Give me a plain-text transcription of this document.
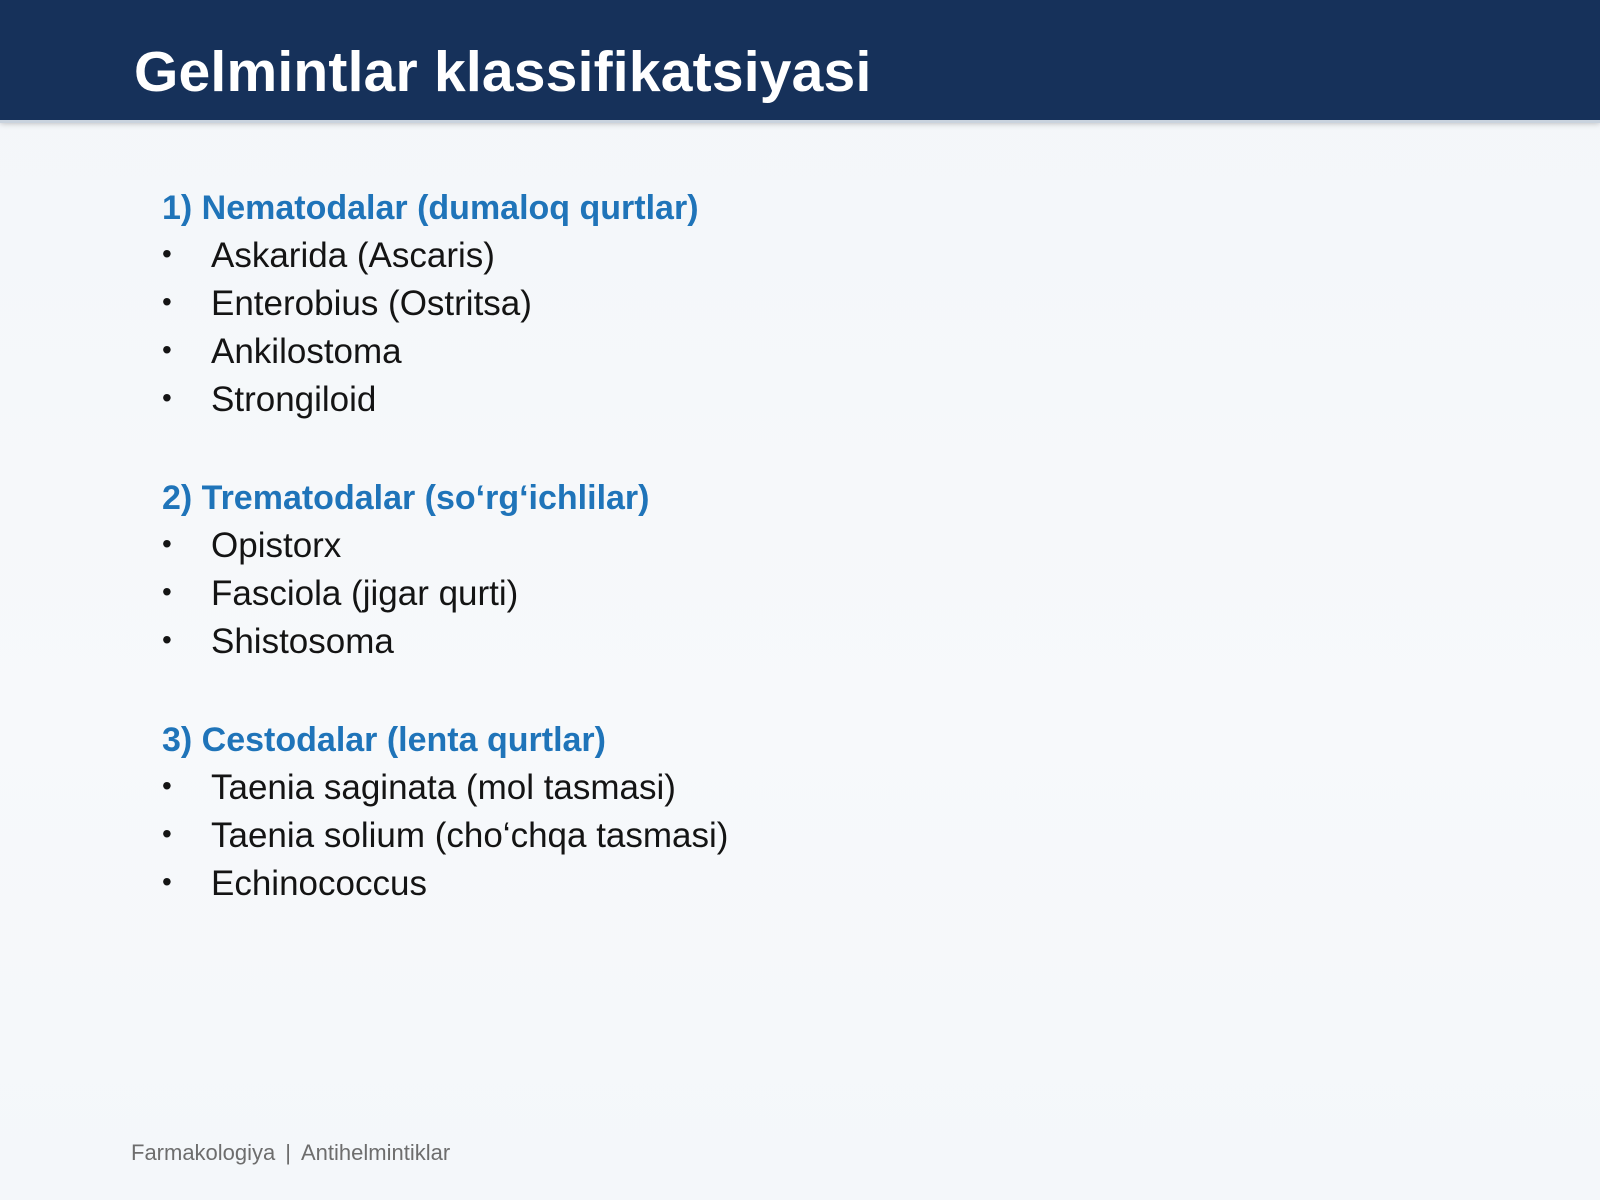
Gelmintlar klassifikatsiyasi
1) Nematodalar (dumaloq qurtlar)
• Askarida (Ascaris)
• Enterobius (Ostritsa)
• Ankilostoma
• Strongiloid
2) Trematodalar (so‘rg‘ichlilar)
• Opistorx
• Fasciola (jigar qurti)
• Shistosoma
3) Cestodalar (lenta qurtlar)
• Taenia saginata (mol tasmasi)
• Taenia solium (cho‘chqa tasmasi)
• Echinococcus
Farmakologiya | Antihelmintiklar
